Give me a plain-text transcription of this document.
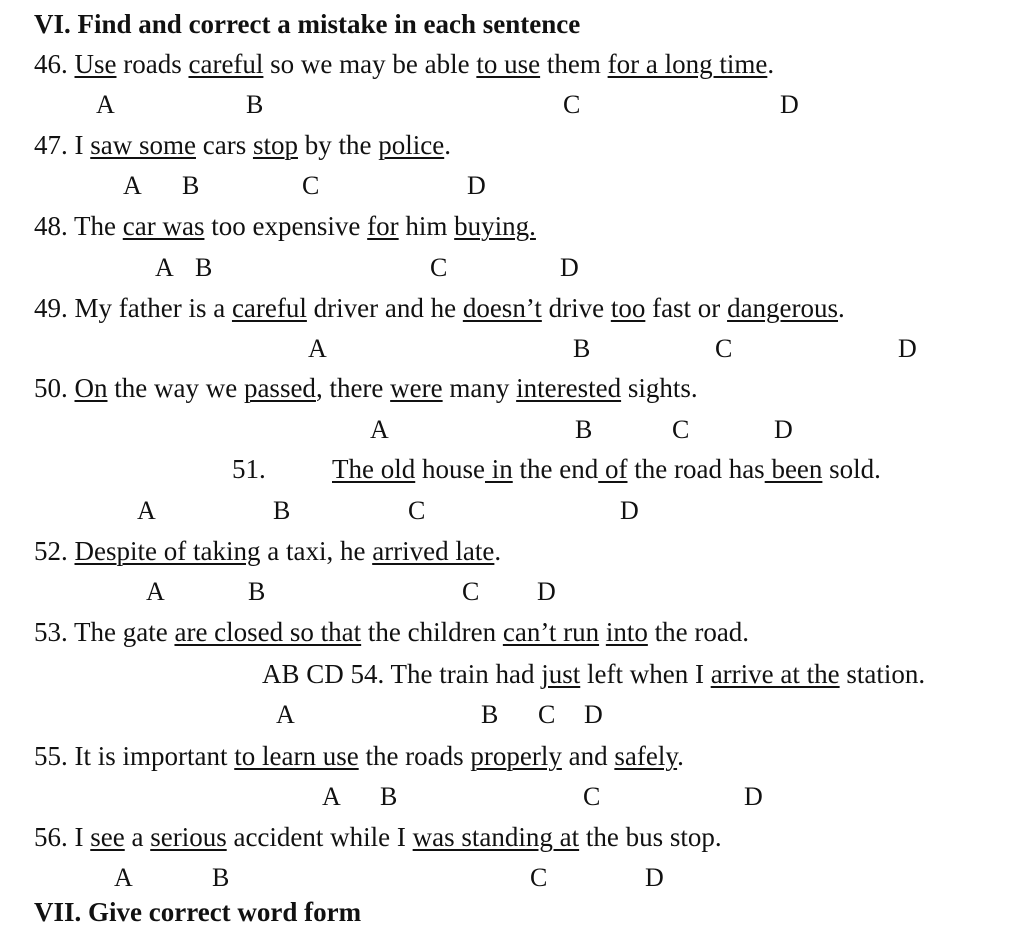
VI. Find and correct a mistake in each sentence
46. Use roads careful so we may be able to use them for a long time.
A	B	C	D
47. I saw some cars stop by the police.
A B	C	D
48. The car was too expensive for him buying.
A B	C	D
49. My father is a careful driver and he doesn’t drive too fast or dangerous.
A	B	C	D
50. On the way we passed, there were many interested sights.
A	B	C	D
51. The old house in the end of the road has been sold.
A	B	C	D
52. Despite of taking a taxi, he arrived late.
A	B	C D
53. The gate are closed so that the children can’t run into the road.
AB CD 54. The train had just left when I arrive at the station.
A	B C D
55. It is important to learn use the roads properly and safely.
A B	C	D
56. I see a serious accident while I was standing at the bus stop.
A	B	C	D
VII. Give correct word form
